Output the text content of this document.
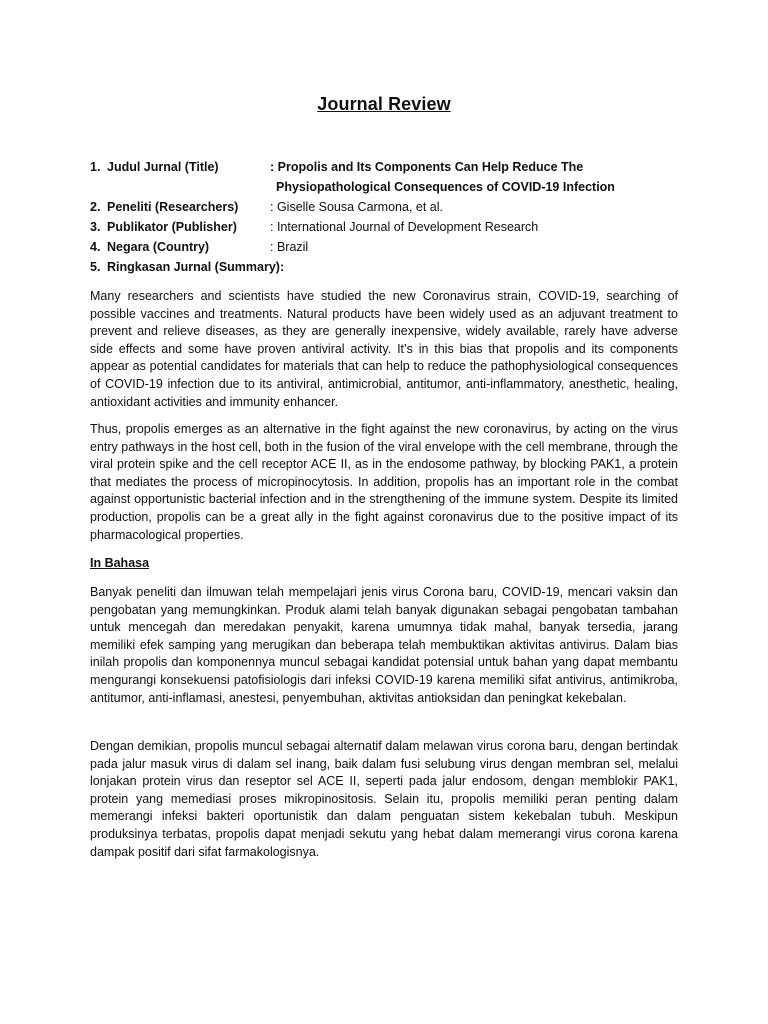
Journal Review
1. Judul Jurnal (Title)	: Propolis and Its Components Can Help Reduce The
Physiopathological Consequences of COVID-19 Infection
2. Peneliti (Researchers)	: Giselle Sousa Carmona, et al.
3. Publikator (Publisher)	: International Journal of Development Research
4. Negara (Country)	: Brazil
5. Ringkasan Jurnal (Summary):

Many researchers and scientists have studied the new Coronavirus strain, COVID-19, searching of possible vaccines and treatments. Natural products have been widely used as an adjuvant treatment to prevent and relieve diseases, as they are generally inexpensive, widely available, rarely have adverse side effects and some have proven antiviral activity. It’s in this bias that propolis and its components appear as potential candidates for materials that can help to reduce the pathophysiological consequences of COVID-19 infection due to its antiviral, antimicrobial, antitumor, anti-inflammatory, anesthetic, healing, antioxidant activities and immunity enhancer.

Thus, propolis emerges as an alternative in the fight against the new coronavirus, by acting on the virus entry pathways in the host cell, both in the fusion of the viral envelope with the cell membrane, through the viral protein spike and the cell receptor ACE II, as in the endosome pathway, by blocking PAK1, a protein that mediates the process of micropinocytosis. In addition, propolis has an important role in the combat against opportunistic bacterial infection and in the strengthening of the immune system. Despite its limited production, propolis can be a great ally in the fight against coronavirus due to the positive impact of its pharmacological properties.

In Bahasa

Banyak peneliti dan ilmuwan telah mempelajari jenis virus Corona baru, COVID-19, mencari vaksin dan pengobatan yang memungkinkan. Produk alami telah banyak digunakan sebagai pengobatan tambahan untuk mencegah dan meredakan penyakit, karena umumnya tidak mahal, banyak tersedia, jarang memiliki efek samping yang merugikan dan beberapa telah membuktikan aktivitas antivirus. Dalam bias inilah propolis dan komponennya muncul sebagai kandidat potensial untuk bahan yang dapat membantu mengurangi konsekuensi patofisiologis dari infeksi COVID-19 karena memiliki sifat antivirus, antimikroba, antitumor, anti-inflamasi, anestesi, penyembuhan, aktivitas antioksidan dan peningkat kekebalan.

Dengan demikian, propolis muncul sebagai alternatif dalam melawan virus corona baru, dengan bertindak pada jalur masuk virus di dalam sel inang, baik dalam fusi selubung virus dengan membran sel, melalui lonjakan protein virus dan reseptor sel ACE II, seperti pada jalur endosom, dengan memblokir PAK1, protein yang memediasi proses mikropinositosis. Selain itu, propolis memiliki peran penting dalam memerangi infeksi bakteri oportunistik dan dalam penguatan sistem kekebalan tubuh. Meskipun produksinya terbatas, propolis dapat menjadi sekutu yang hebat dalam memerangi virus corona karena dampak positif dari sifat farmakologisnya.
